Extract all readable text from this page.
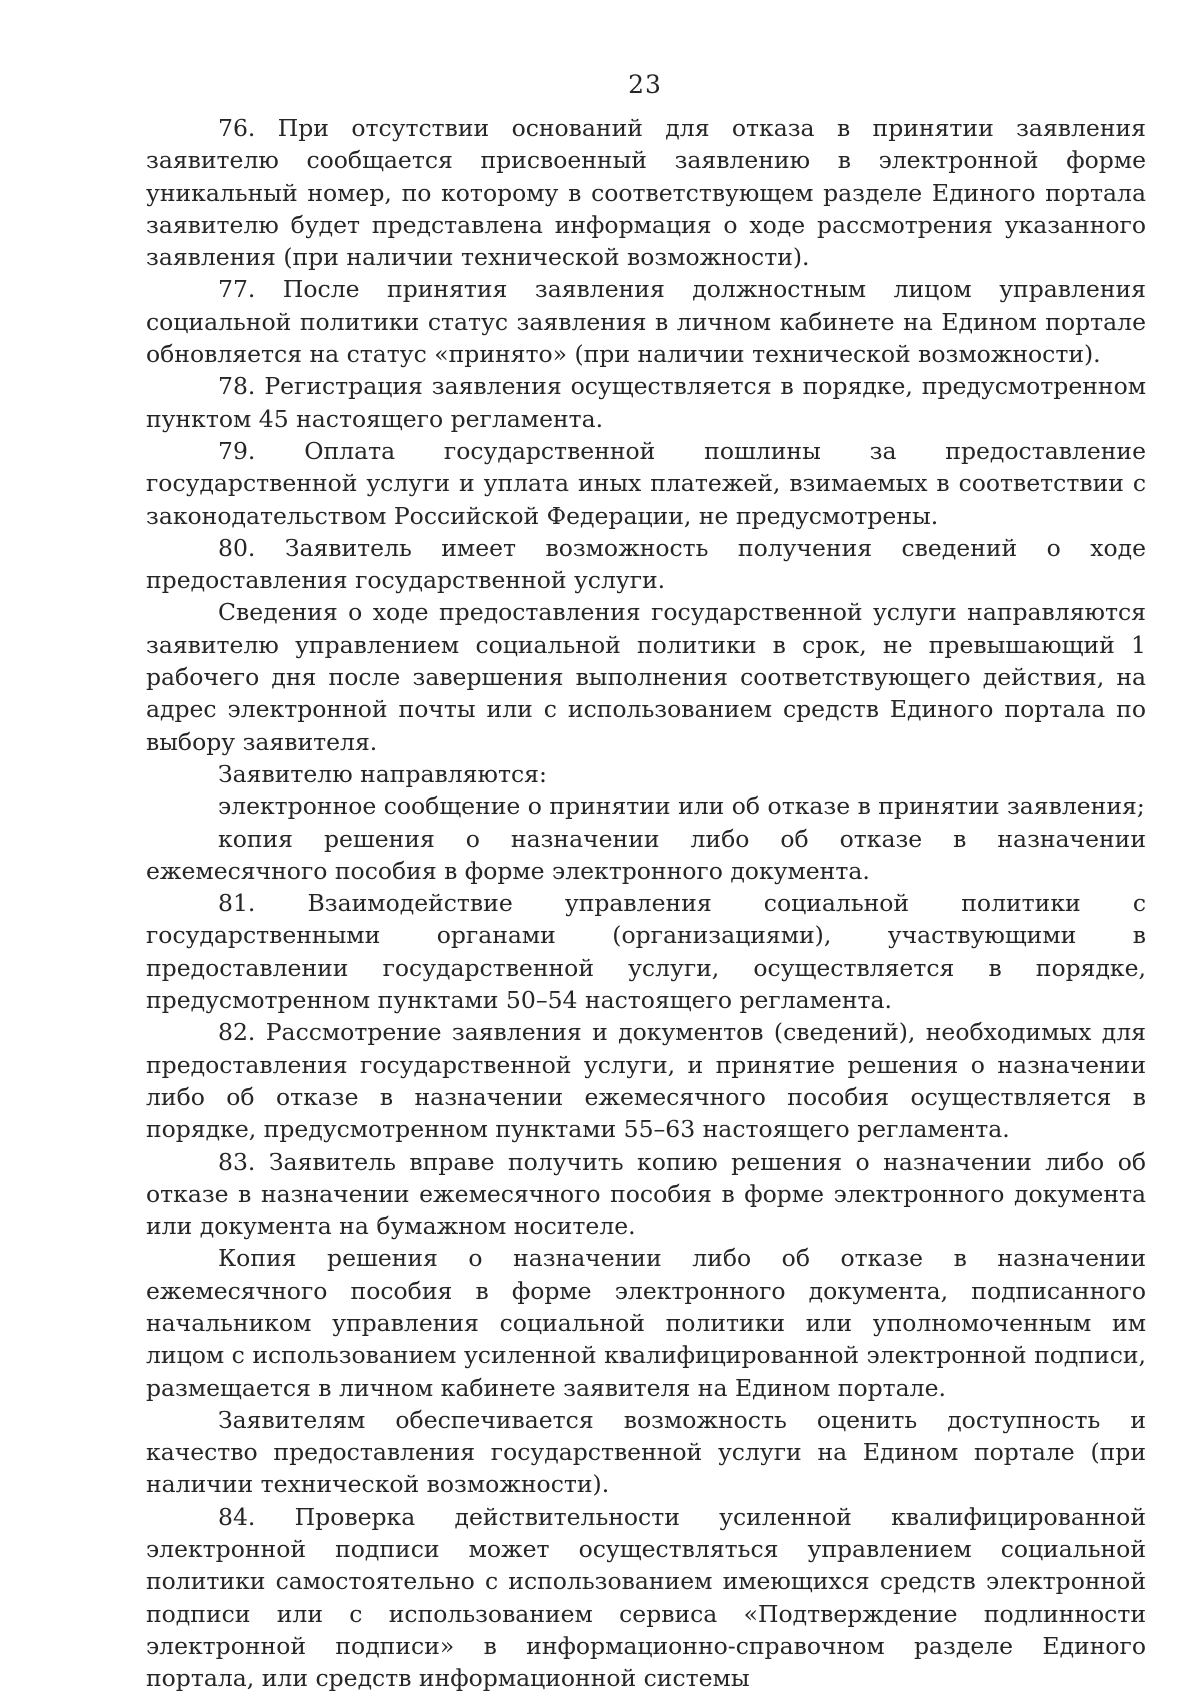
23

76. При отсутствии оснований для отказа в принятии заявления заявителю сообщается присвоенный заявлению в электронной форме уникальный номер, по которому в соответствующем разделе Единого портала заявителю будет представлена информация о ходе рассмотрения указанного заявления (при наличии технической возможности).

77. После принятия заявления должностным лицом управления социальной политики статус заявления в личном кабинете на Едином портале обновляется на статус «принято» (при наличии технической возможности).

78. Регистрация заявления осуществляется в порядке, предусмотренном пунктом 45 настоящего регламента.

79. Оплата государственной пошлины за предоставление государственной услуги и уплата иных платежей, взимаемых в соответствии с законодательством Российской Федерации, не предусмотрены.

80. Заявитель имеет возможность получения сведений о ходе предоставления государственной услуги.

Сведения о ходе предоставления государственной услуги направляются заявителю управлением социальной политики в срок, не превышающий 1 рабочего дня после завершения выполнения соответствующего действия, на адрес электронной почты или с использованием средств Единого портала по выбору заявителя.

Заявителю направляются:

электронное сообщение о принятии или об отказе в принятии заявления;

копия решения о назначении либо об отказе в назначении ежемесячного пособия в форме электронного документа.

81. Взаимодействие управления социальной политики с государственными органами (организациями), участвующими в предоставлении государственной услуги, осуществляется в порядке, предусмотренном пунктами 50–54 настоящего регламента.

82. Рассмотрение заявления и документов (сведений), необходимых для предоставления государственной услуги, и принятие решения о назначении либо об отказе в назначении ежемесячного пособия осуществляется в порядке, предусмотренном пунктами 55–63 настоящего регламента.

83. Заявитель вправе получить копию решения о назначении либо об отказе в назначении ежемесячного пособия в форме электронного документа или документа на бумажном носителе.

Копия решения о назначении либо об отказе в назначении ежемесячного пособия в форме электронного документа, подписанного начальником управления социальной политики или уполномоченным им лицом с использованием усиленной квалифицированной электронной подписи, размещается в личном кабинете заявителя на Едином портале.

Заявителям обеспечивается возможность оценить доступность и качество предоставления государственной услуги на Едином портале (при наличии технической возможности).

84. Проверка действительности усиленной квалифицированной электронной подписи может осуществляться управлением социальной политики самостоятельно с использованием имеющихся средств электронной подписи или с использованием сервиса «Подтверждение подлинности электронной подписи» в информационно-справочном разделе Единого портала, или средств информационной системы
